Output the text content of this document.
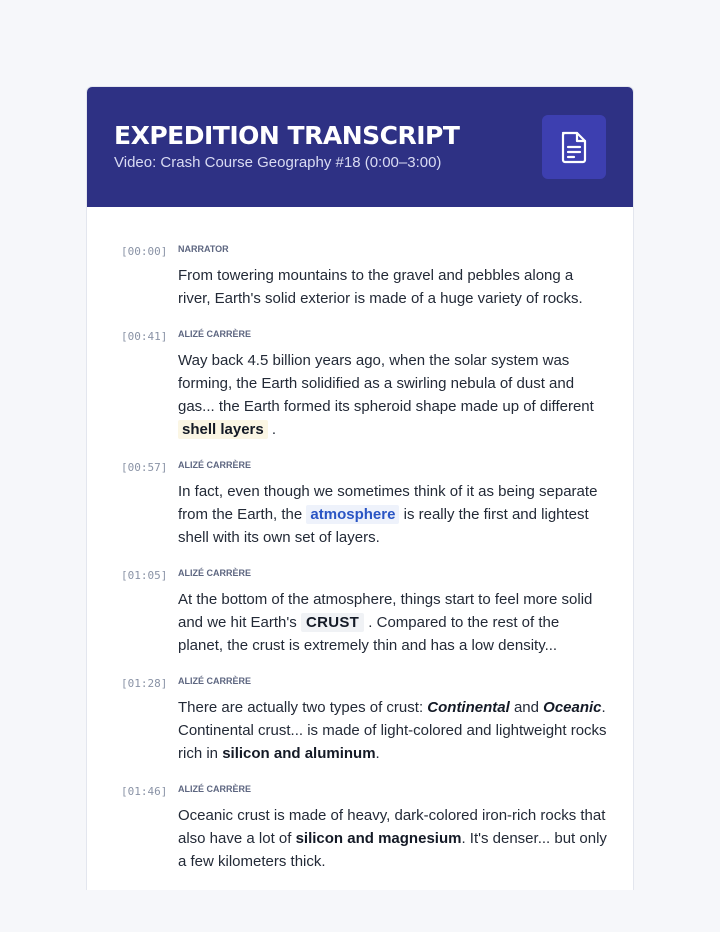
EXPEDITION TRANSCRIPT
Video: Crash Course Geography #18 (0:00–3:00)
[00:00] NARRATOR
From towering mountains to the gravel and pebbles along a river, Earth's solid exterior is made of a huge variety of rocks.
[00:41] ALIZÉ CARRÈRE
Way back 4.5 billion years ago, when the solar system was forming, the Earth solidified as a swirling nebula of dust and gas... the Earth formed its spheroid shape made up of different shell layers .
[00:57] ALIZÉ CARRÈRE
In fact, even though we sometimes think of it as being separate from the Earth, the atmosphere is really the first and lightest shell with its own set of layers.
[01:05] ALIZÉ CARRÈRE
At the bottom of the atmosphere, things start to feel more solid and we hit Earth's CRUST . Compared to the rest of the planet, the crust is extremely thin and has a low density...
[01:28] ALIZÉ CARRÈRE
There are actually two types of crust: Continental and Oceanic. Continental crust... is made of light-colored and lightweight rocks rich in silicon and aluminum.
[01:46] ALIZÉ CARRÈRE
Oceanic crust is made of heavy, dark-colored iron-rich rocks that also have a lot of silicon and magnesium. It's denser... but only a few kilometers thick.
